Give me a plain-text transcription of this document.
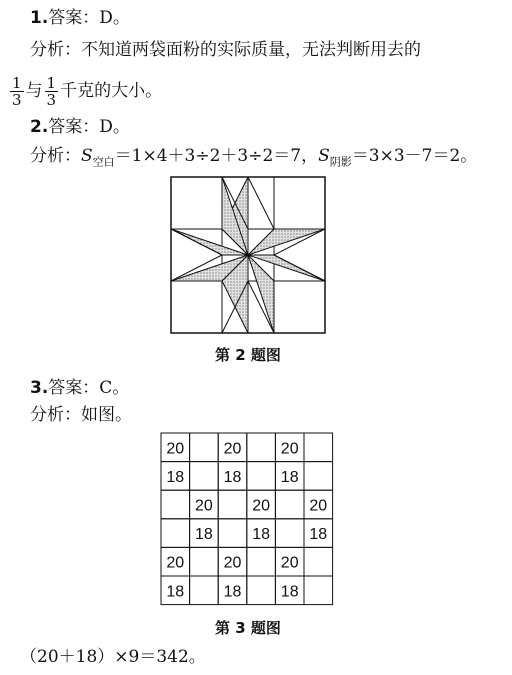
1.答案：D。
分析：不知道两袋面粉的实际质量，无法判断用去的
$\frac{1}{3}$ 与 $\frac{1}{3}$ 千克的大小。
2.答案：D。
分析：$S_{空白}=1\times 4+3\div 2+3\div 2=7$，$S_{阴影}=3\times 3-7=2$。
第 2 题图
3.答案：C。
分析：如图。
20 20 20
18 18 18
20 20 20
18 18 18
20 20 20
18 18 18
第 3 题图
（20＋18）×9＝342。
